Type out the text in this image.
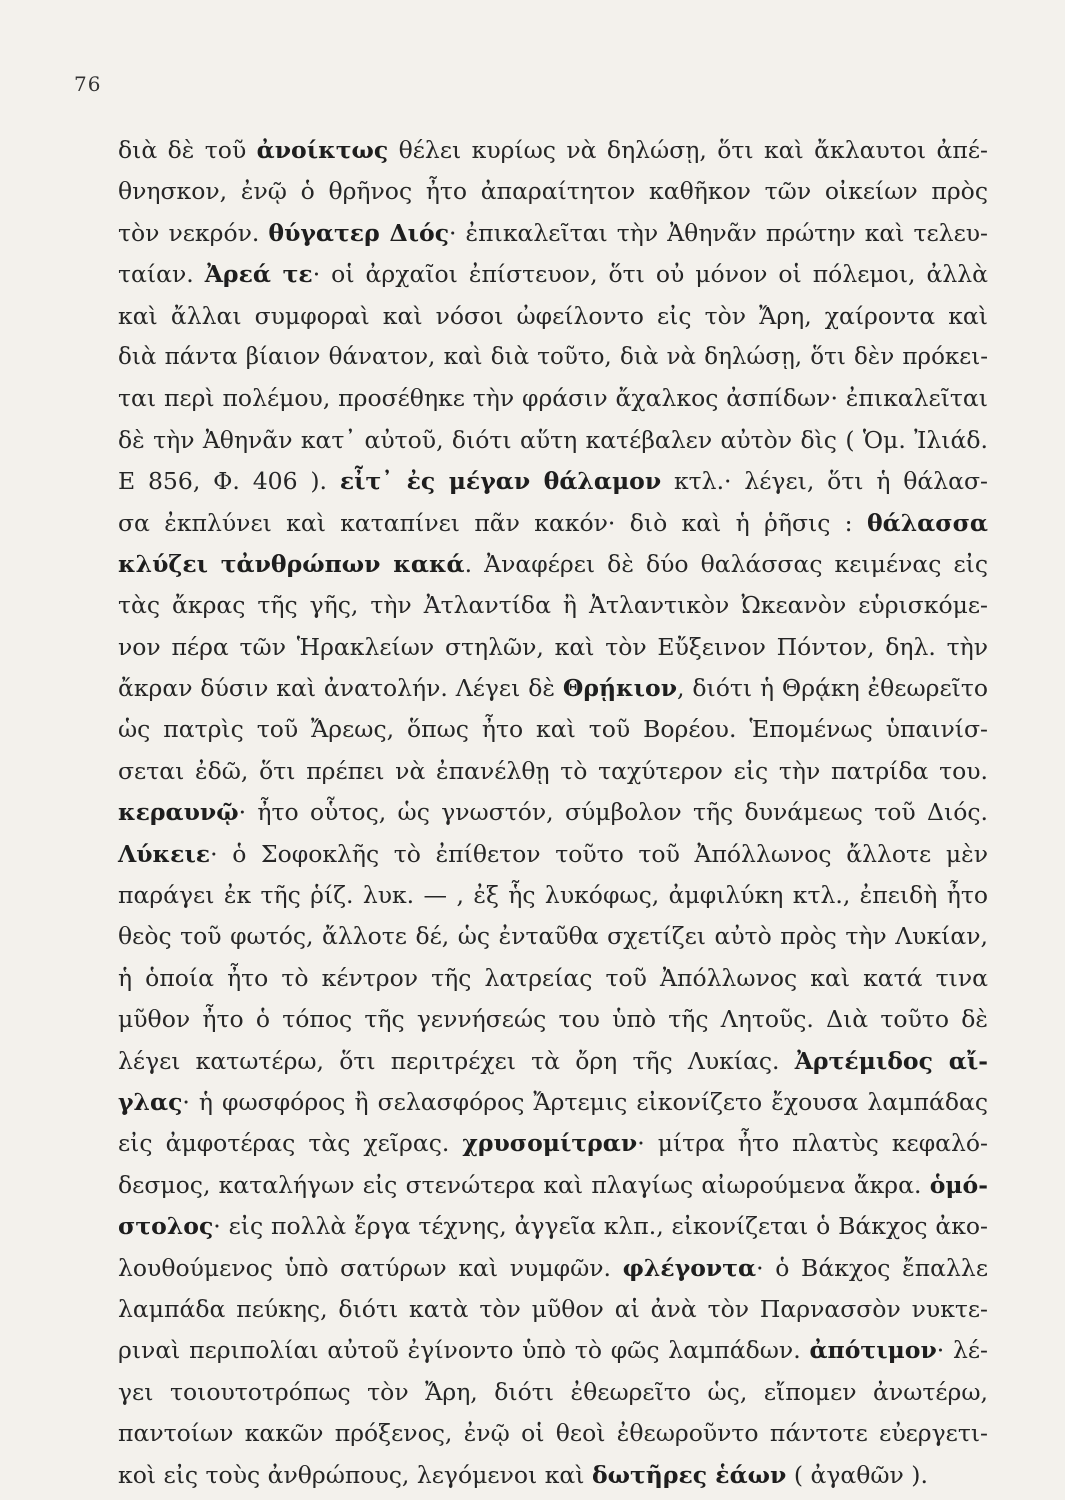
76
διὰ δὲ τοῦ ἀνοίκτως θέλει κυρίως νὰ δηλώσῃ, ὅτι καὶ ἄκλαυτοι ἀπέ-
θνησκον, ἐνῷ ὁ θρῆνος ἦτο ἀπαραίτητον καθῆκον τῶν οἰκείων πρὸς
τὸν νεκρόν. θύγατερ Διός· ἐπικαλεῖται τὴν Ἀθηνᾶν πρώτην καὶ τελευ-
ταίαν. Ἀρεά τε· οἱ ἀρχαῖοι ἐπίστευον, ὅτι οὐ μόνον οἱ πόλεμοι, ἀλλὰ
καὶ ἄλλαι συμφοραὶ καὶ νόσοι ὠφείλοντο εἰς τὸν Ἄρη, χαίροντα καὶ
διὰ πάντα βίαιον θάνατον, καὶ διὰ τοῦτο, διὰ νὰ δηλώσῃ, ὅτι δὲν πρόκει-
ται περὶ πολέμου, προσέθηκε τὴν φράσιν ἄχαλκος ἀσπίδων· ἐπικαλεῖται
δὲ τὴν Ἀθηνᾶν κατ᾿ αὐτοῦ, διότι αὕτη κατέβαλεν αὐτὸν δὶς ( Ὁμ. Ἰλιάδ.
Ε 856, Φ. 406 ). εἶτ᾿ ἐς μέγαν θάλαμον κτλ.· λέγει, ὅτι ἡ θάλασ-
σα ἐκπλύνει καὶ καταπίνει πᾶν κακόν· διὸ καὶ ἡ ῥῆσις : θάλασσα
κλύζει τἀνθρώπων κακά. Ἀναφέρει δὲ δύο θαλάσσας κειμένας εἰς
τὰς ἄκρας τῆς γῆς, τὴν Ἀτλαντίδα ἢ Ἀτλαντικὸν Ὠκεανὸν εὑρισκόμε-
νον πέρα τῶν Ἡρακλείων στηλῶν, καὶ τὸν Εὔξεινον Πόντον, δηλ. τὴν
ἄκραν δύσιν καὶ ἀνατολήν. Λέγει δὲ Θρῄκιον, διότι ἡ Θρᾴκη ἐθεωρεῖτο
ὡς πατρὶς τοῦ Ἄρεως, ὅπως ἦτο καὶ τοῦ Βορέου. Ἑπομένως ὑπαινίσ-
σεται ἐδῶ, ὅτι πρέπει νὰ ἐπανέλθῃ τὸ ταχύτερον εἰς τὴν πατρίδα του.
κεραυνῷ· ἦτο οὗτος, ὡς γνωστόν, σύμβολον τῆς δυνάμεως τοῦ Διός.
Λύκειε· ὁ Σοφοκλῆς τὸ ἐπίθετον τοῦτο τοῦ Ἀπόλλωνος ἄλλοτε μὲν
παράγει ἐκ τῆς ῥίζ. λυκ. — , ἐξ ἧς λυκόφως, ἀμφιλύκη κτλ., ἐπειδὴ ἦτο
θεὸς τοῦ φωτός, ἄλλοτε δέ, ὡς ἐνταῦθα σχετίζει αὐτὸ πρὸς τὴν Λυκίαν,
ἡ ὁποία ἦτο τὸ κέντρον τῆς λατρείας τοῦ Ἀπόλλωνος καὶ κατά τινα
μῦθον ἦτο ὁ τόπος τῆς γεννήσεώς του ὑπὸ τῆς Λητοῦς. Διὰ τοῦτο δὲ
λέγει κατωτέρω, ὅτι περιτρέχει τὰ ὄρη τῆς Λυκίας. Ἀρτέμιδος αἴ-
γλας· ἡ φωσφόρος ἢ σελασφόρος Ἄρτεμις εἰκονίζετο ἔχουσα λαμπάδας
εἰς ἀμφοτέρας τὰς χεῖρας. χρυσομίτραν· μίτρα ἦτο πλατὺς κεφαλό-
δεσμος, καταλήγων εἰς στενώτερα καὶ πλαγίως αἰωρούμενα ἄκρα. ὁμό-
στολος· εἰς πολλὰ ἔργα τέχνης, ἀγγεῖα κλπ., εἰκονίζεται ὁ Βάκχος ἀκο-
λουθούμενος ὑπὸ σατύρων καὶ νυμφῶν. φλέγοντα· ὁ Βάκχος ἔπαλλε
λαμπάδα πεύκης, διότι κατὰ τὸν μῦθον αἱ ἀνὰ τὸν Παρνασσὸν νυκτε-
ριναὶ περιπολίαι αὐτοῦ ἐγίνοντο ὑπὸ τὸ φῶς λαμπάδων. ἀπότιμον· λέ-
γει τοιουτοτρόπως τὸν Ἄρη, διότι ἐθεωρεῖτο ὡς, εἴπομεν ἀνωτέρω,
παντοίων κακῶν πρόξενος, ἐνῷ οἱ θεοὶ ἐθεωροῦντο πάντοτε εὐεργετι-
κοὶ εἰς τοὺς ἀνθρώπους, λεγόμενοι καὶ δωτῆρες ἑάων ( ἀγαθῶν ).
